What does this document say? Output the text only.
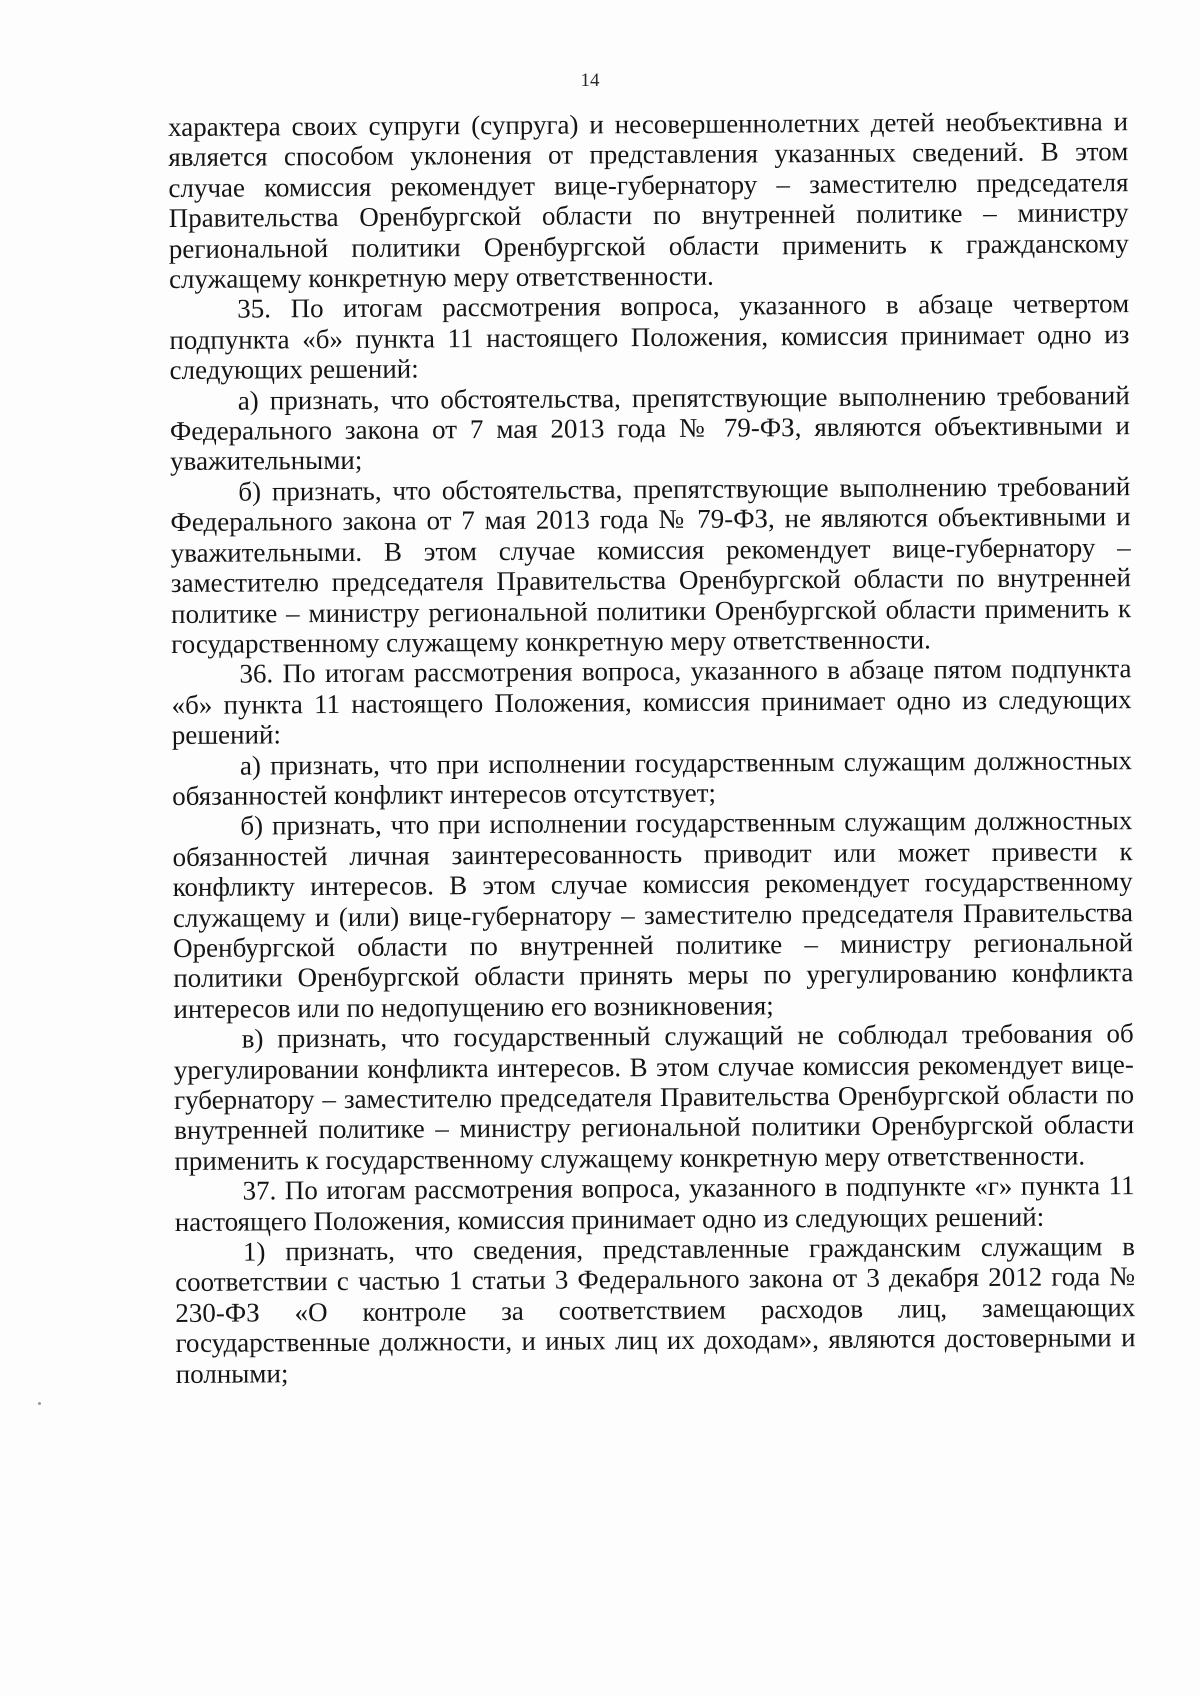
14

характера своих супруги (супруга) и несовершеннолетних детей необъективна и является способом уклонения от представления указанных сведений. В этом случае комиссия рекомендует вице-губернатору – заместителю председателя Правительства Оренбургской области по внутренней политике – министру региональной политики Оренбургской области применить к гражданскому служащему конкретную меру ответственности.

35. По итогам рассмотрения вопроса, указанного в абзаце четвертом подпункта «б» пункта 11 настоящего Положения, комиссия принимает одно из следующих решений:

а) признать, что обстоятельства, препятствующие выполнению требований Федерального закона от 7 мая 2013 года № 79-ФЗ, являются объективными и уважительными;

б) признать, что обстоятельства, препятствующие выполнению требований Федерального закона от 7 мая 2013 года № 79-ФЗ, не являются объективными и уважительными. В этом случае комиссия рекомендует вице-губернатору – заместителю председателя Правительства Оренбургской области по внутренней политике – министру региональной политики Оренбургской области применить к государственному служащему конкретную меру ответственности.

36. По итогам рассмотрения вопроса, указанного в абзаце пятом подпункта «б» пункта 11 настоящего Положения, комиссия принимает одно из следующих решений:

а) признать, что при исполнении государственным служащим должностных обязанностей конфликт интересов отсутствует;

б) признать, что при исполнении государственным служащим должностных обязанностей личная заинтересованность приводит или может привести к конфликту интересов. В этом случае комиссия рекомендует государственному служащему и (или) вице-губернатору – заместителю председателя Правительства Оренбургской области по внутренней политике – министру региональной политики Оренбургской области принять меры по урегулированию конфликта интересов или по недопущению его возникновения;

в) признать, что государственный служащий не соблюдал требования об урегулировании конфликта интересов. В этом случае комиссия рекомендует вице-губернатору – заместителю председателя Правительства Оренбургской области по внутренней политике – министру региональной политики Оренбургской области применить к государственному служащему конкретную меру ответственности.

37. По итогам рассмотрения вопроса, указанного в подпункте «г» пункта 11 настоящего Положения, комиссия принимает одно из следующих решений:

1) признать, что сведения, представленные гражданским служащим в соответствии с частью 1 статьи 3 Федерального закона от 3 декабря 2012 года № 230-ФЗ «О контроле за соответствием расходов лиц, замещающих государственные должности, и иных лиц их доходам», являются достоверными и полными;
